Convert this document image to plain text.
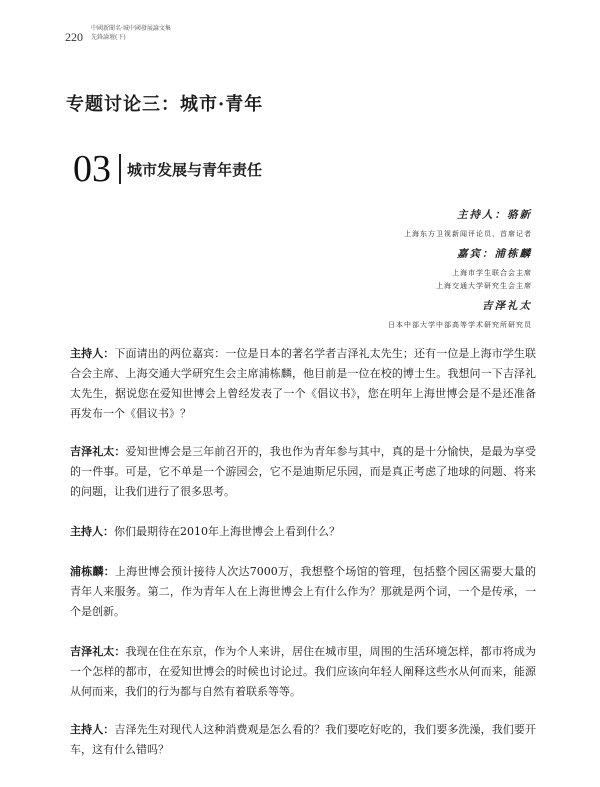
220
中國新聞名·城中國發展論文集
先鋒論壇(下)
专题讨论三：城市·青年
03 城市发展与青年责任
主持人：骆新
上海东方卫视新闻评论员、首席记者
嘉宾：浦栋麟
上海市学生联合会主席
上海交通大学研究生会主席
吉泽礼太
日本中部大学中部高等学术研究所研究员

主持人：下面请出的两位嘉宾：一位是日本的著名学者吉泽礼太先生；还有一位是上海市学生联合会主席、上海交通大学研究生会主席浦栋麟，他目前是一位在校的博士生。我想问一下吉泽礼太先生，据说您在爱知世博会上曾经发表了一个《倡议书》，您在明年上海世博会是不是还准备再发布一个《倡议书》？

吉泽礼太：爱知世博会是三年前召开的，我也作为青年参与其中，真的是十分愉快，是最为享受的一件事。可是，它不单是一个游园会，它不是迪斯尼乐园，而是真正考虑了地球的问题、将来的问题，让我们进行了很多思考。

主持人：你们最期待在2010年上海世博会上看到什么？

浦栋麟：上海世博会预计接待人次达7000万，我想整个场馆的管理，包括整个园区需要大量的青年人来服务。第二，作为青年人在上海世博会上有什么作为？那就是两个词，一个是传承，一个是创新。

吉泽礼太：我现在住在东京，作为个人来讲，居住在城市里，周围的生活环境怎样，都市将成为一个怎样的都市，在爱知世博会的时候也讨论过。我们应该向年轻人阐释这些水从何而来，能源从何而来，我们的行为都与自然有着联系等等。

主持人：吉泽先生对现代人这种消费观是怎么看的？我们要吃好吃的，我们要多洗澡，我们要开车，这有什么错吗？
